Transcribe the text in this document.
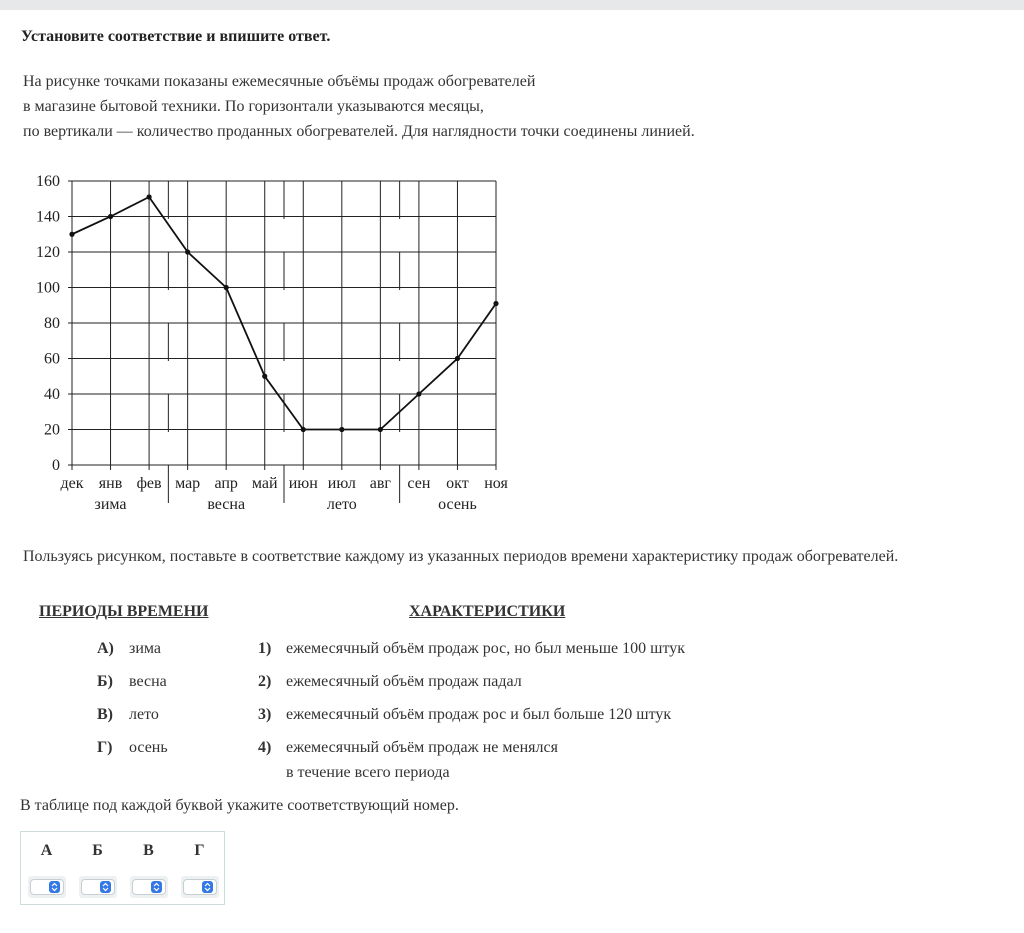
Установите соответствие и впишите ответ.
На рисунке точками показаны ежемесячные объёмы продаж обогревателей
в магазине бытовой техники. По горизонтали указываются месяцы,
по вертикали — количество проданных обогревателей. Для наглядности точки соединены линией.
0
20
40
60
80
100
120
140
160
дек янв фев мар апр май июн июл авг сен окт ноя
зима	весна	лето	осень
Пользуясь рисунком, поставьте в соответствие каждому из указанных периодов времени характеристику продаж обогревателей.
ПЕРИОДЫ ВРЕМЕНИ	ХАРАКТЕРИСТИКИ
А) зима
Б) весна
В) лето
Г) осень
1) ежемесячный объём продаж рос, но был меньше 100 штук
2) ежемесячный объём продаж падал
3) ежемесячный объём продаж рос и был больше 120 штук
4) ежемесячный объём продаж не менялся
в течение всего периода
В таблице под каждой буквой укажите соответствующий номер.
А	Б	В	Г
